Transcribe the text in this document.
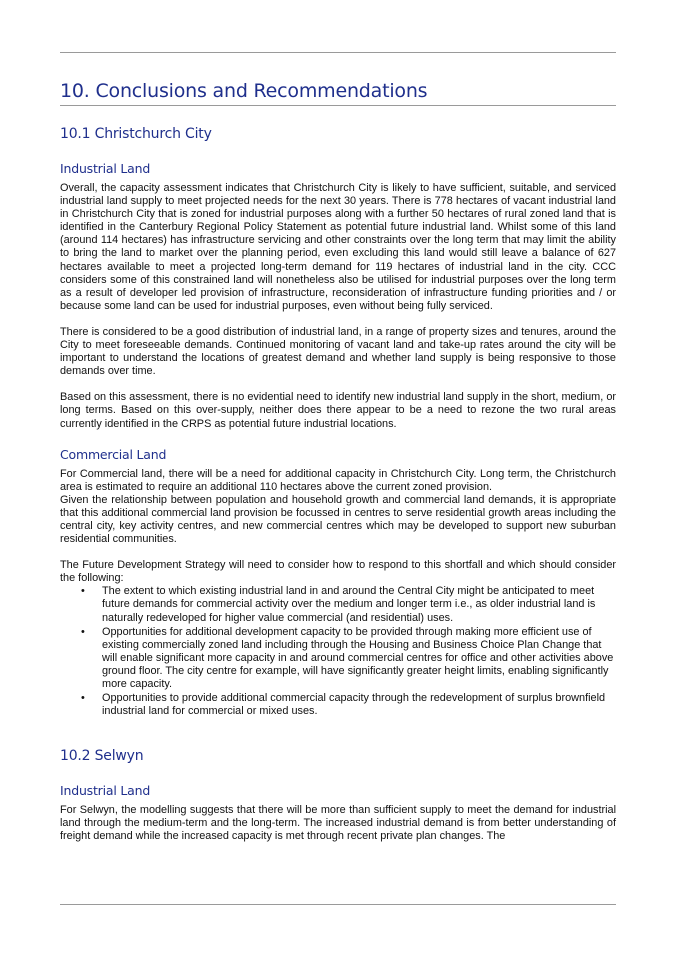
10. Conclusions and Recommendations
10.1 Christchurch City
Industrial Land

Overall, the capacity assessment indicates that Christchurch City is likely to have sufficient, suitable, and serviced industrial land supply to meet projected needs for the next 30 years. There is 778 hectares of vacant industrial land in Christchurch City that is zoned for industrial purposes along with a further 50 hectares of rural zoned land that is identified in the Canterbury Regional Policy Statement as potential future industrial land. Whilst some of this land (around 114 hectares) has infrastructure servicing and other constraints over the long term that may limit the ability to bring the land to market over the planning period, even excluding this land would still leave a balance of 627 hectares available to meet a projected long-term demand for 119 hectares of industrial land in the city. CCC considers some of this constrained land will nonetheless also be utilised for industrial purposes over the long term as a result of developer led provision of infrastructure, reconsideration of infrastructure funding priorities and / or because some land can be used for industrial purposes, even without being fully serviced.

There is considered to be a good distribution of industrial land, in a range of property sizes and tenures, around the City to meet foreseeable demands. Continued monitoring of vacant land and take-up rates around the city will be important to understand the locations of greatest demand and whether land supply is being responsive to those demands over time.

Based on this assessment, there is no evidential need to identify new industrial land supply in the short, medium, or long terms. Based on this over-supply, neither does there appear to be a need to rezone the two rural areas currently identified in the CRPS as potential future industrial locations.

Commercial Land

For Commercial land, there will be a need for additional capacity in Christchurch City. Long term, the Christchurch area is estimated to require an additional 110 hectares above the current zoned provision.

Given the relationship between population and household growth and commercial land demands, it is appropriate that this additional commercial land provision be focussed in centres to serve residential growth areas including the central city, key activity centres, and new commercial centres which may be developed to support new suburban residential communities.

The Future Development Strategy will need to consider how to respond to this shortfall and which should consider the following:

• The extent to which existing industrial land in and around the Central City might be anticipated to meet future demands for commercial activity over the medium and longer term i.e., as older industrial land is naturally redeveloped for higher value commercial (and residential) uses.
• Opportunities for additional development capacity to be provided through making more efficient use of existing commercially zoned land including through the Housing and Business Choice Plan Change that will enable significant more capacity in and around commercial centres for office and other activities above ground floor. The city centre for example, will have significantly greater height limits, enabling significantly more capacity.
• Opportunities to provide additional commercial capacity through the redevelopment of surplus brownfield industrial land for commercial or mixed uses.
10.2 Selwyn
Industrial Land

For Selwyn, the modelling suggests that there will be more than sufficient supply to meet the demand for industrial land through the medium-term and the long-term. The increased industrial demand is from better understanding of freight demand while the increased capacity is met through recent private plan changes. The
